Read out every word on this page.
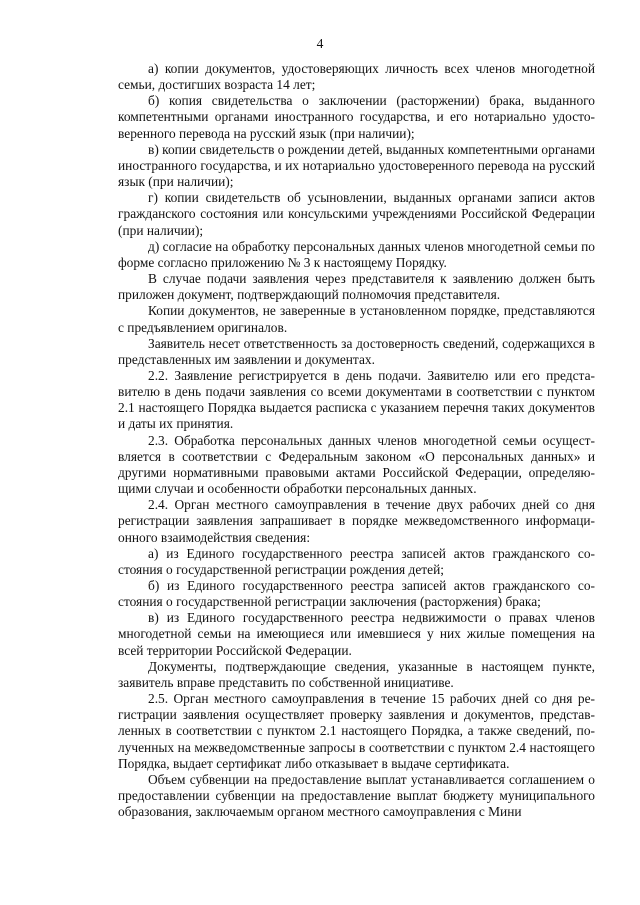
4

а) копии документов, удостоверяющих личность всех членов многодетной семьи, достигших возраста 14 лет;

б) копия свидетельства о заключении (расторжении) брака, выданного компетентными органами иностранного государства, и его нотариально удостоверенного перевода на русский язык (при наличии);

в) копии свидетельств о рождении детей, выданных компетентными органами иностранного государства, и их нотариально удостоверенного перевода на русский язык (при наличии);

г) копии свидетельств об усыновлении, выданных органами записи актов гражданского состояния или консульскими учреждениями Российской Федерации (при наличии);

д) согласие на обработку персональных данных членов многодетной семьи по форме согласно приложению № 3 к настоящему Порядку.

В случае подачи заявления через представителя к заявлению должен быть приложен документ, подтверждающий полномочия представителя.

Копии документов, не заверенные в установленном порядке, представляются с предъявлением оригиналов.

Заявитель несет ответственность за достоверность сведений, содержащихся в представленных им заявлении и документах.

2.2. Заявление регистрируется в день подачи. Заявителю или его представителю в день подачи заявления со всеми документами в соответствии с пунктом 2.1 настоящего Порядка выдается расписка с указанием перечня таких документов и даты их принятия.

2.3. Обработка персональных данных членов многодетной семьи осуществляется в соответствии с Федеральным законом «О персональных данных» и другими нормативными правовыми актами Российской Федерации, определяющими случаи и особенности обработки персональных данных.

2.4. Орган местного самоуправления в течение двух рабочих дней со дня регистрации заявления запрашивает в порядке межведомственного информационного взаимодействия сведения:

а) из Единого государственного реестра записей актов гражданского состояния о государственной регистрации рождения детей;

б) из Единого государственного реестра записей актов гражданского состояния о государственной регистрации заключения (расторжения) брака;

в) из Единого государственного реестра недвижимости о правах членов многодетной семьи на имеющиеся или имевшиеся у них жилые помещения на всей территории Российской Федерации.

Документы, подтверждающие сведения, указанные в настоящем пункте, заявитель вправе представить по собственной инициативе.

2.5. Орган местного самоуправления в течение 15 рабочих дней со дня регистрации заявления осуществляет проверку заявления и документов, представленных в соответствии с пунктом 2.1 настоящего Порядка, а также сведений, полученных на межведомственные запросы в соответствии с пунктом 2.4 настоящего Порядка, выдает сертификат либо отказывает в выдаче сертификата.

Объем субвенции на предоставление выплат устанавливается соглашением о предоставлении субвенции на предоставление выплат бюджету муниципального образования, заключаемым органом местного самоуправления с Мини
